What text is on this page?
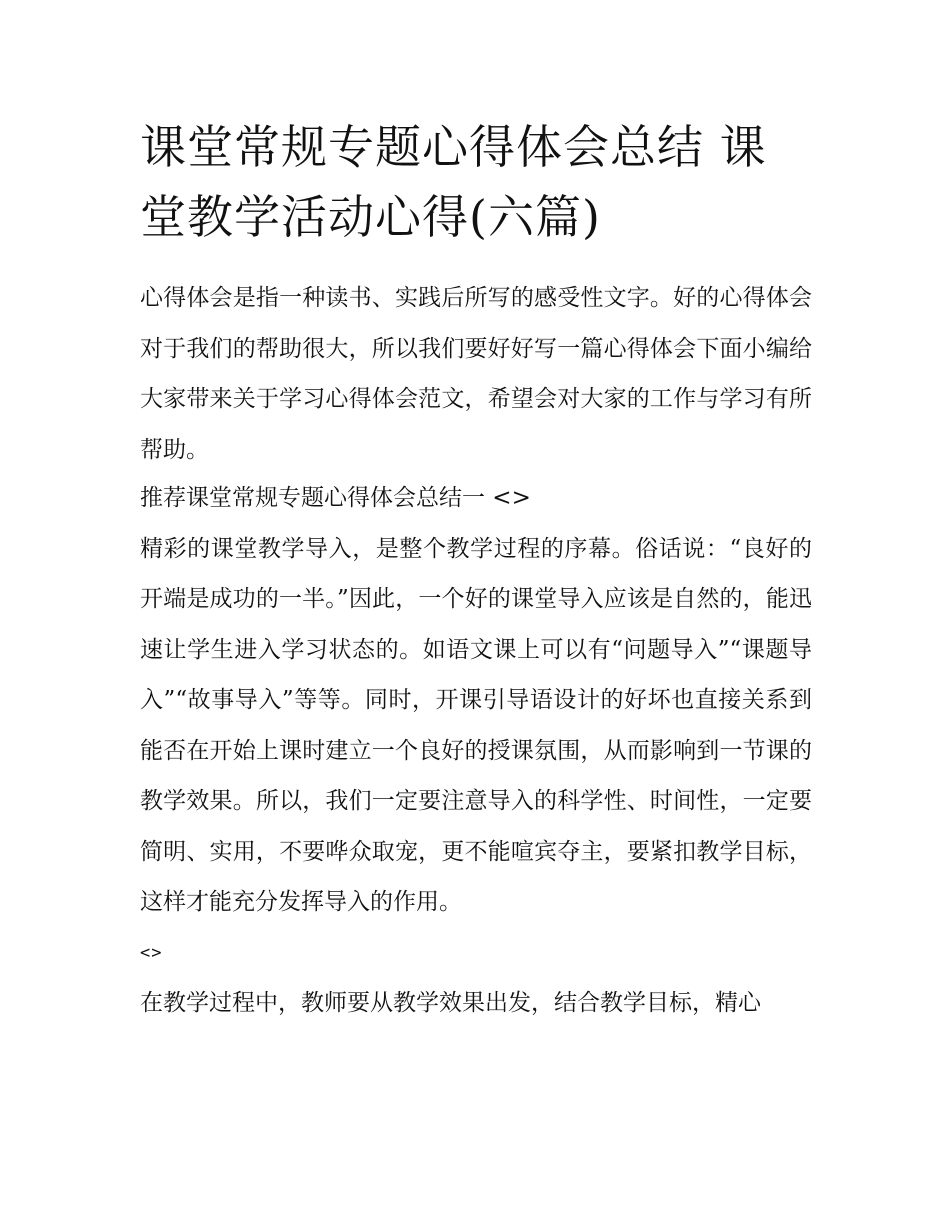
课堂常规专题心得体会总结 课堂教学活动心得(六篇)

心得体会是指一种读书、实践后所写的感受性文字。好的心得体会对于我们的帮助很大，所以我们要好好写一篇心得体会下面小编给大家带来关于学习心得体会范文，希望会对大家的工作与学习有所帮助。

推荐课堂常规专题心得体会总结一 <>

精彩的课堂教学导入，是整个教学过程的序幕。俗话说：“良好的开端是成功的一半。”因此，一个好的课堂导入应该是自然的，能迅速让学生进入学习状态的。如语文课上可以有“问题导入”“课题导入”“故事导入”等等。同时，开课引导语设计的好坏也直接关系到能否在开始上课时建立一个良好的授课氛围，从而影响到一节课的教学效果。所以，我们一定要注意导入的科学性、时间性，一定要简明、实用，不要哗众取宠，更不能喧宾夺主，要紧扣教学目标，这样才能充分发挥导入的作用。

<>

在教学过程中，教师要从教学效果出发，结合教学目标，精心
